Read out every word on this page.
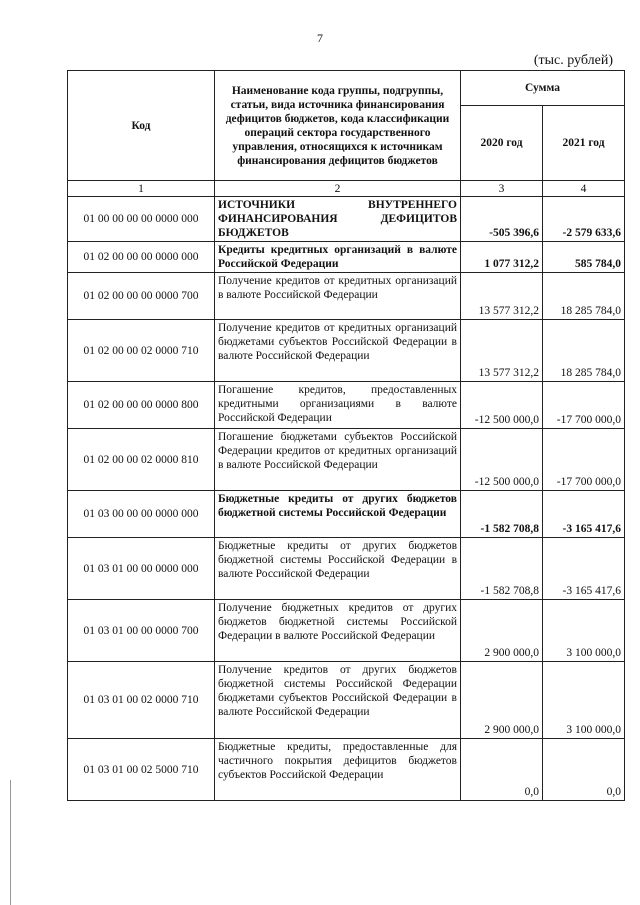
7
(тыс. рублей)
Код	Наименование кода группы, подгруппы, статьи, вида источника финансирования дефицитов бюджетов, кода классификации операций сектора государственного управления, относящихся к источникам финансирования дефицитов бюджетов	Сумма	
		2020 год	2021 год
1	2	3	4
01 00 00 00 00 0000 000	ИСТОЧНИКИ ВНУТРЕННЕГО ФИНАНСИРОВАНИЯ ДЕФИЦИТОВ БЮДЖЕТОВ	-505 396,6	-2 579 633,6
01 02 00 00 00 0000 000	Кредиты кредитных организаций в валюте Российской Федерации	1 077 312,2	585 784,0
01 02 00 00 00 0000 700	Получение кредитов от кредитных организаций в валюте Российской Федерации	13 577 312,2	18 285 784,0
01 02 00 00 02 0000 710	Получение кредитов от кредитных организаций бюджетами субъектов Российской Федерации в валюте Российской Федерации	13 577 312,2	18 285 784,0
01 02 00 00 00 0000 800	Погашение кредитов, предоставленных кредитными организациями в валюте Российской Федерации	-12 500 000,0	-17 700 000,0
01 02 00 00 02 0000 810	Погашение бюджетами субъектов Российской Федерации кредитов от кредитных организаций в валюте Российской Федерации	-12 500 000,0	-17 700 000,0
01 03 00 00 00 0000 000	Бюджетные кредиты от других бюджетов бюджетной системы Российской Федерации	-1 582 708,8	-3 165 417,6
01 03 01 00 00 0000 000	Бюджетные кредиты от других бюджетов бюджетной системы Российской Федерации в валюте Российской Федерации	-1 582 708,8	-3 165 417,6
01 03 01 00 00 0000 700	Получение бюджетных кредитов от других бюджетов бюджетной системы Российской Федерации в валюте Российской Федерации	2 900 000,0	3 100 000,0
01 03 01 00 02 0000 710	Получение кредитов от других бюджетов бюджетной системы Российской Федерации бюджетами субъектов Российской Федерации в валюте Российской Федерации	2 900 000,0	3 100 000,0
01 03 01 00 02 5000 710	Бюджетные кредиты, предоставленные для частичного покрытия дефицитов бюджетов субъектов Российской Федерации	0,0	0,0
